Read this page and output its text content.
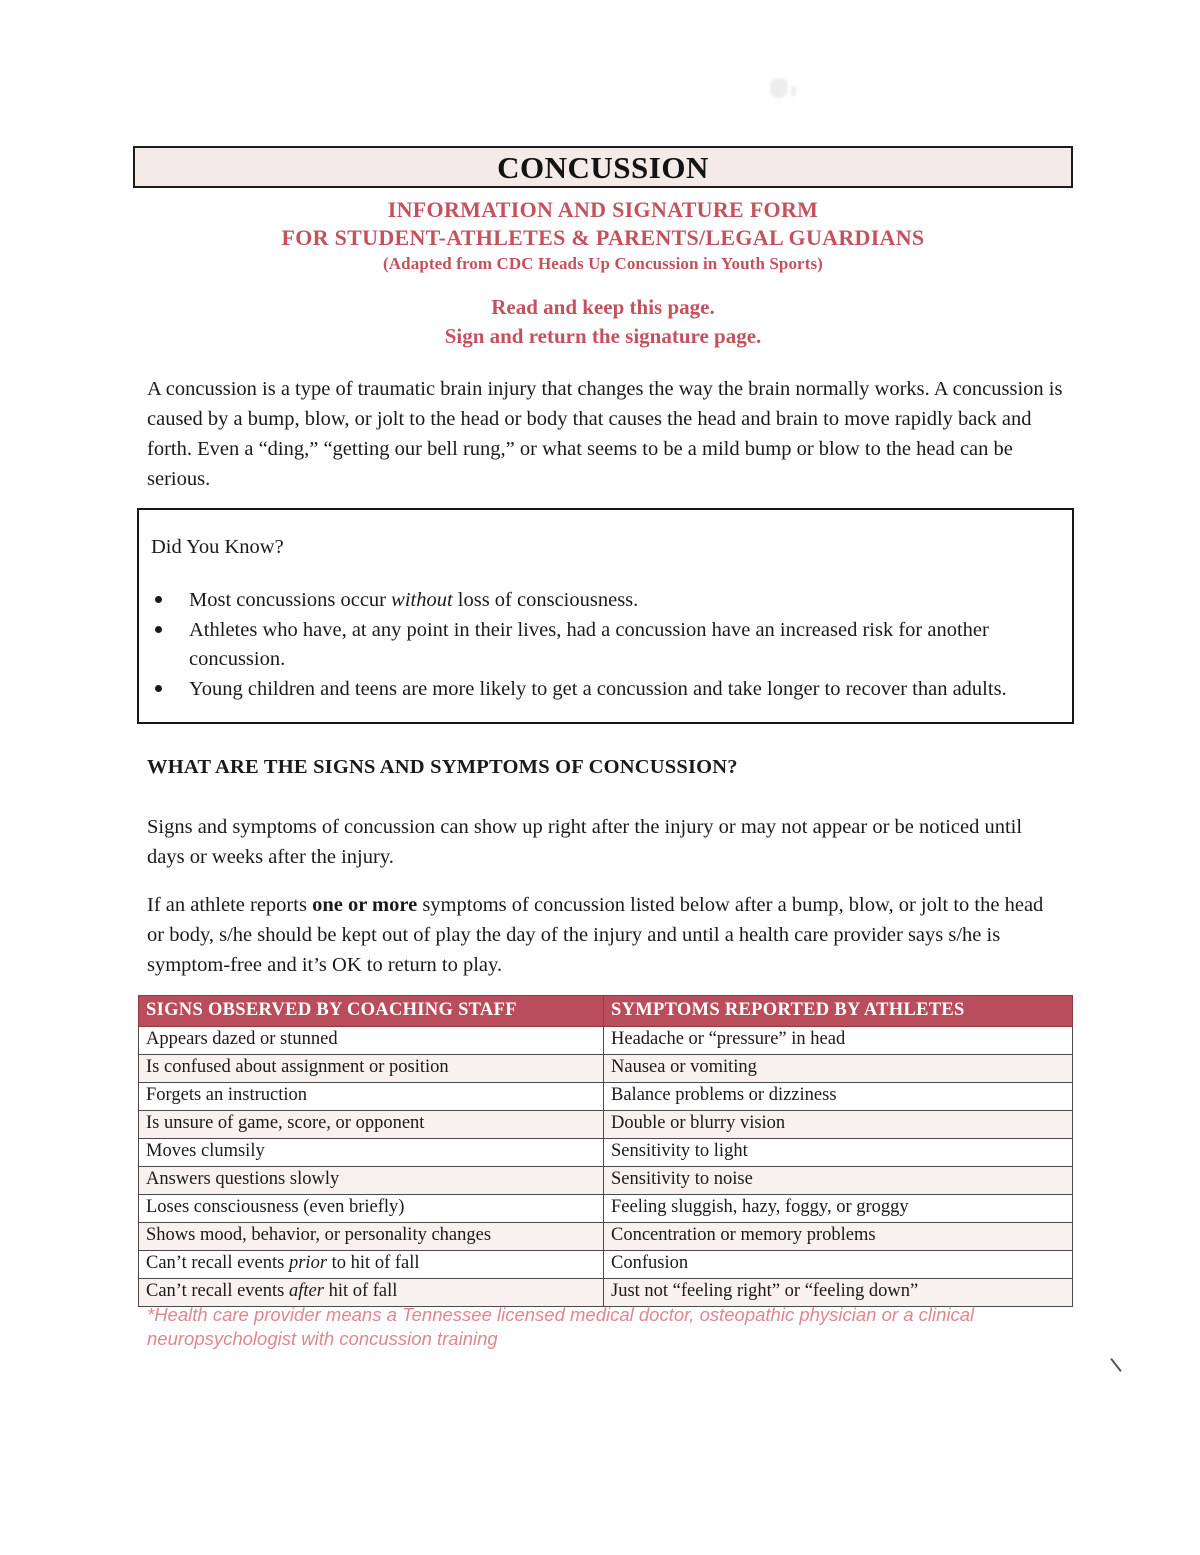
CONCUSSION
INFORMATION AND SIGNATURE FORM
FOR STUDENT-ATHLETES & PARENTS/LEGAL GUARDIANS
(Adapted from CDC Heads Up Concussion in Youth Sports)
Read and keep this page.
Sign and return the signature page.
A concussion is a type of traumatic brain injury that changes the way the brain normally works. A concussion is caused by a bump, blow, or jolt to the head or body that causes the head and brain to move rapidly back and forth. Even a “ding,” “getting our bell rung,” or what seems to be a mild bump or blow to the head can be serious.
Did You Know?
Most concussions occur without loss of consciousness.
Athletes who have, at any point in their lives, had a concussion have an increased risk for another concussion.
Young children and teens are more likely to get a concussion and take longer to recover than adults.
WHAT ARE THE SIGNS AND SYMPTOMS OF CONCUSSION?
Signs and symptoms of concussion can show up right after the injury or may not appear or be noticed until days or weeks after the injury.
If an athlete reports one or more symptoms of concussion listed below after a bump, blow, or jolt to the head or body, s/he should be kept out of play the day of the injury and until a health care provider says s/he is symptom-free and it’s OK to return to play.
SIGNS OBSERVED BY COACHING STAFF	SYMPTOMS REPORTED BY ATHLETES
Appears dazed or stunned	Headache or “pressure” in head
Is confused about assignment or position	Nausea or vomiting
Forgets an instruction	Balance problems or dizziness
Is unsure of game, score, or opponent	Double or blurry vision
Moves clumsily	Sensitivity to light
Answers questions slowly	Sensitivity to noise
Loses consciousness (even briefly)	Feeling sluggish, hazy, foggy, or groggy
Shows mood, behavior, or personality changes	Concentration or memory problems
Can’t recall events prior to hit of fall	Confusion
Can’t recall events after hit of fall	Just not “feeling right” or “feeling down”
*Health care provider means a Tennessee licensed medical doctor, osteopathic physician or a clinical neuropsychologist with concussion training
